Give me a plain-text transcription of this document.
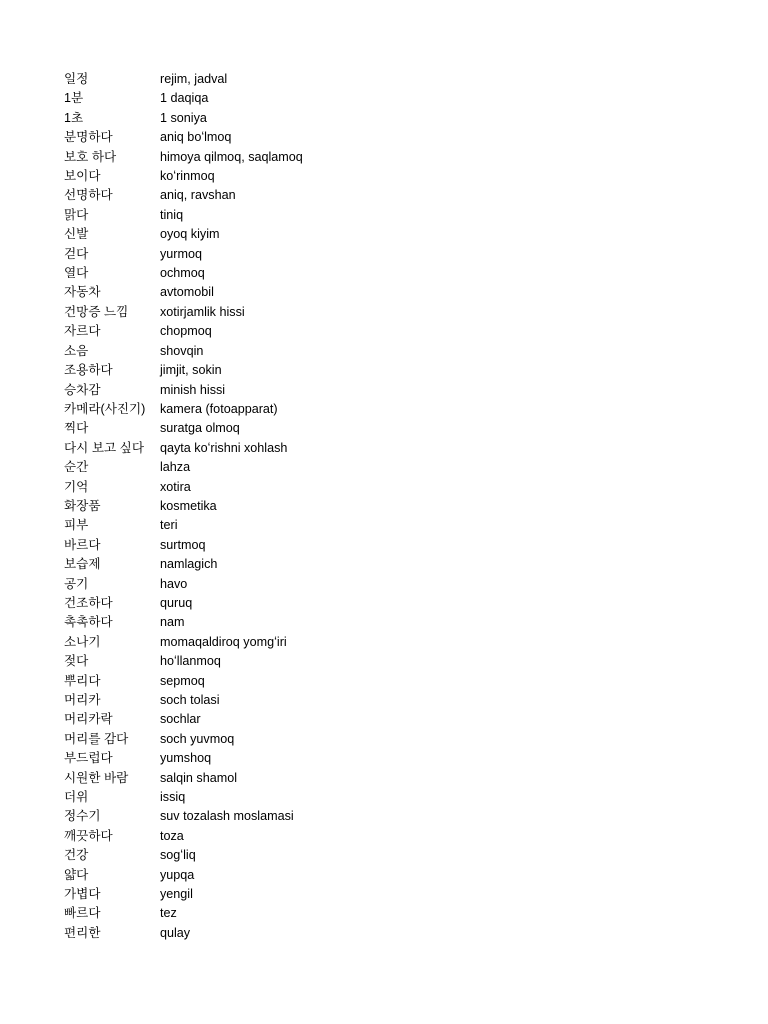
일정	rejim, jadval
1분	1 daqiqa
1초	1 soniya
분명하다	aniq boʻlmoq
보호 하다	himoya qilmoq, saqlamoq
보이다	koʻrinmoq
선명하다	aniq, ravshan
맑다	tiniq
신발	oyoq kiyim
걷다	yurmoq
열다	ochmoq
자동차	avtomobil
건망증 느낌	xotirjamlik hissi
자르다	chopmoq
소음	shovqin
조용하다	jimjit, sokin
승차감	minish hissi
카메라(사진기)	kamera (fotoapparat)
찍다	suratga olmoq
다시 보고 싶다	qayta koʻrishni xohlash
순간	lahza
기억	xotira
화장품	kosmetika
피부	teri
바르다	surtmoq
보습제	namlagich
공기	havo
건조하다	quruq
촉촉하다	nam
소나기	momaqaldiroq yomgʻiri
젖다	hoʻllanmoq
뿌리다	sepmoq
머리카	soch tolasi
머리카락	sochlar
머리를 감다	soch yuvmoq
부드럽다	yumshoq
시원한 바람	salqin shamol
더위	issiq
정수기	suv tozalash moslamasi
깨끗하다	toza
건강	sogʻliq
얇다	yupqa
가볍다	yengil
빠르다	tez
편리한	qulay
